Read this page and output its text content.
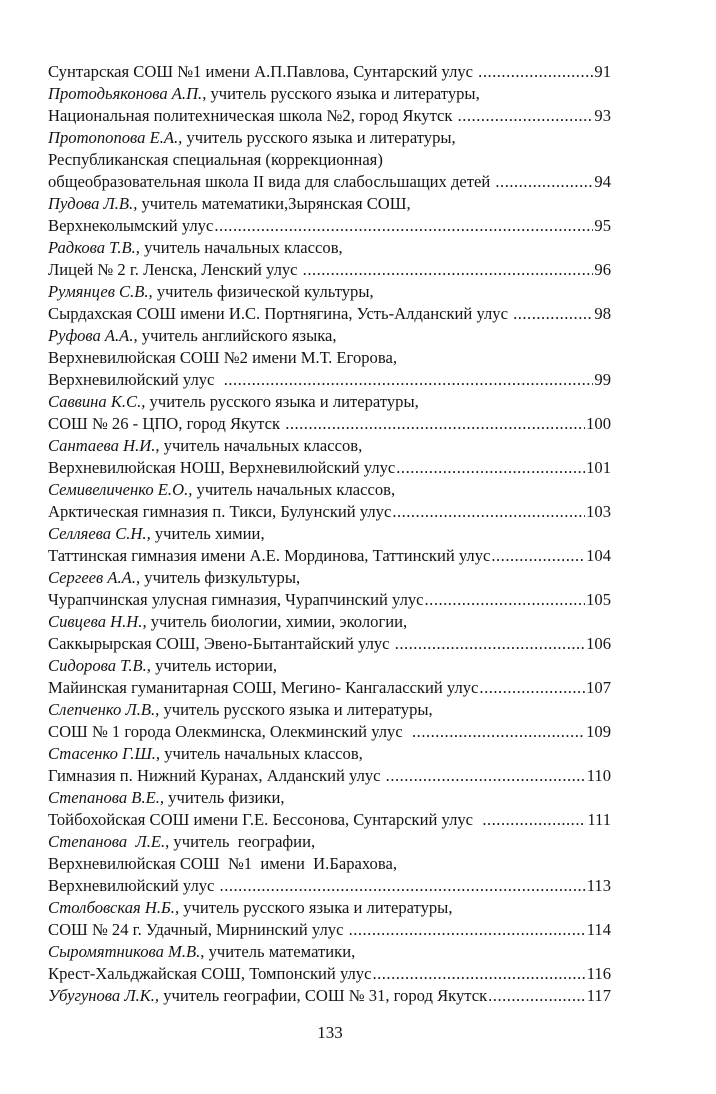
Сунтарская СОШ №1 имени А.П.Павлова, Сунтарский улус .....	91
Протодьяконова А.П., учитель русского языка и литературы,
Национальная политехническая школа №2, город Якутск .....	93
Протопопова Е.А., учитель русского языка и литературы,
Республиканская специальная (коррекционная)
общеобразовательная школа II вида для слабосльшащих детей .....	94
Пудова Л.В., учитель математики,Зырянская СОШ,
Верхнеколымский улус .....	95
Радкова Т.В., учитель начальных классов,
Лицей № 2 г. Ленска, Ленский улус .....	96
Румянцев С.В., учитель физической культуры,
Сырдахская СОШ имени И.С. Портнягина, Усть-Алданский улус .....	98
Руфова А.А., учитель английского языка,
Верхневилюйская СОШ №2 имени М.Т. Егорова,
Верхневилюйский улус .....	99
Саввина К.С., учитель русского языка и литературы,
СОШ № 26 - ЦПО, город Якутск .....	100
Сантаева Н.И., учитель начальных классов,
Верхневилюйская НОШ, Верхневилюйский улус .....	101
Семивеличенко Е.О., учитель начальных классов,
Арктическая гимназия п. Тикси, Булунский улус .....	103
Селляева С.Н., учитель химии,
Таттинская гимназия имени А.Е. Мординова, Таттинский улус .....	104
Сергеев А.А., учитель физкультуры,
Чурапчинская улусная гимназия, Чурапчинский улус .....	105
Сивцева Н.Н., учитель биологии, химии, экологии,
Саккырырская СОШ, Эвено-Бытантайский улус .....	106
Сидорова Т.В., учитель истории,
Майинская гуманитарная СОШ, Мегино- Кангаласский улус .....	107
Слепченко Л.В., учитель русского языка и литературы,
СОШ № 1 города Олекминска, Олекминский улус .....	109
Стасенко Г.Ш., учитель начальных классов,
Гимназия п. Нижний Куранах, Алданский улус .....	110
Степанова В.Е., учитель физики,
Тойбохойская СОШ имени Г.Е. Бессонова, Сунтарский улус .....	111
Степанова  Л.Е., учитель  географии,
Верхневилюйская СОШ  №1  имени  И.Барахова,
Верхневилюйский улус .....	113
Столбовская Н.Б., учитель русского языка и литературы,
СОШ № 24 г. Удачный, Мирнинский улус .....	114
Сыромятникова М.В., учитель математики,
Крест-Хальджайская СОШ, Томпонский улус .....	116
Убугунова Л.К., учитель географии, СОШ № 31, город Якутск .....	117
133
